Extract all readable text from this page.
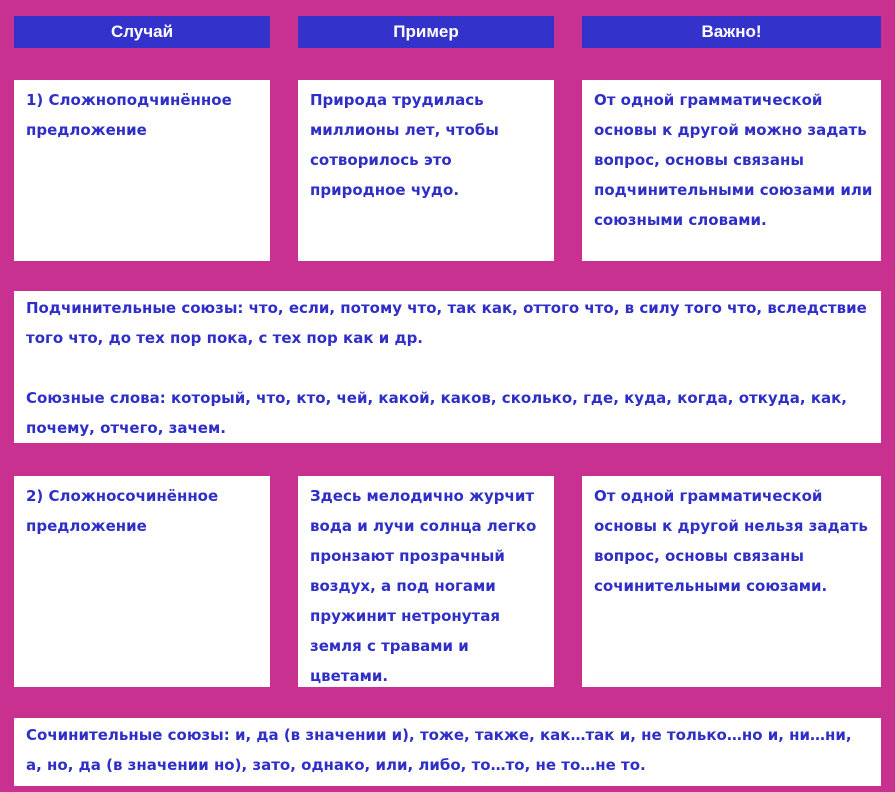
Случай	Пример	Важно!
1) Сложноподчинённое предложение
Природа трудилась миллионы лет, чтобы сотворилось это природное чудо.
От одной грамматической основы к другой можно задать вопрос, основы связаны подчинительными союзами или союзными словами.

Подчинительные союзы: что, если, потому что, так как, оттого что, в силу того что, вследствие того что, до тех пор пока, с тех пор как и др.

Союзные слова: который, что, кто, чей, какой, каков, сколько, где, куда, когда, откуда, как, почему, отчего, зачем.

2) Сложносочинённое предложение
Здесь мелодично журчит вода и лучи солнца легко пронзают прозрачный воздух, а под ногами пружинит нетронутая земля с травами и цветами.
От одной грамматической основы к другой нельзя задать вопрос, основы связаны сочинительными союзами.

Сочинительные союзы: и, да (в значении и), тоже, также, как…так и, не только…но и, ни…ни, а, но, да (в значении но), зато, однако, или, либо, то…то, не то…не то.
